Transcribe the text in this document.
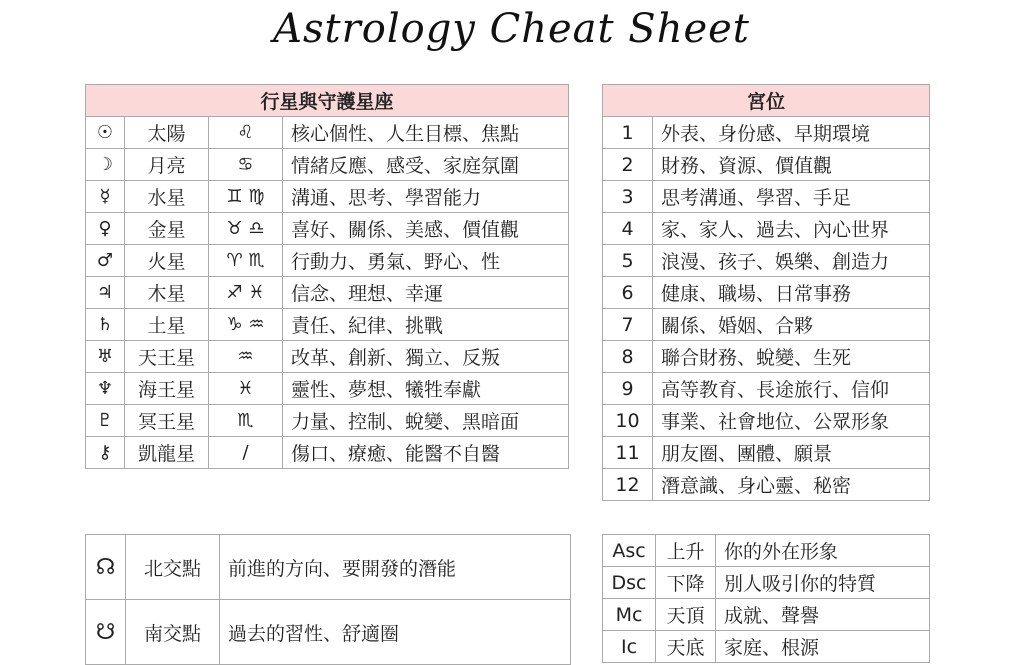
Astrology Cheat Sheet
行星與守護星座			
☉	太陽	♌	核心個性、人生目標、焦點
☽	月亮	♋	情緒反應、感受、家庭氛圍
☿	水星	♊ ♍	溝通、思考、學習能力
♀	金星	♉ ♎	喜好、關係、美感、價值觀
♂	火星	♈ ♏	行動力、勇氣、野心、性
♃	木星	♐ ♓	信念、理想、幸運
♄	土星	♑ ♒	責任、紀律、挑戰
♅	天王星	♒	改革、創新、獨立、反叛
♆	海王星	♓	靈性、夢想、犧牲奉獻
♇	冥王星	♏	力量、控制、蛻變、黑暗面
⚷	凱龍星	/	傷口、療癒、能醫不自醫
宮位	
1	外表、身份感、早期環境
2	財務、資源、價值觀
3	思考溝通、學習、手足
4	家、家人、過去、內心世界
5	浪漫、孩子、娛樂、創造力
6	健康、職場、日常事務
7	關係、婚姻、合夥
8	聯合財務、蛻變、生死
9	高等教育、長途旅行、信仰
10	事業、社會地位、公眾形象
11	朋友圈、團體、願景
12	潛意識、身心靈、秘密
☊	北交點	前進的方向、要開發的潛能
☋	南交點	過去的習性、舒適圈
Asc	上升	你的外在形象
Dsc	下降	別人吸引你的特質
Mc	天頂	成就、聲譽
Ic	天底	家庭、根源
